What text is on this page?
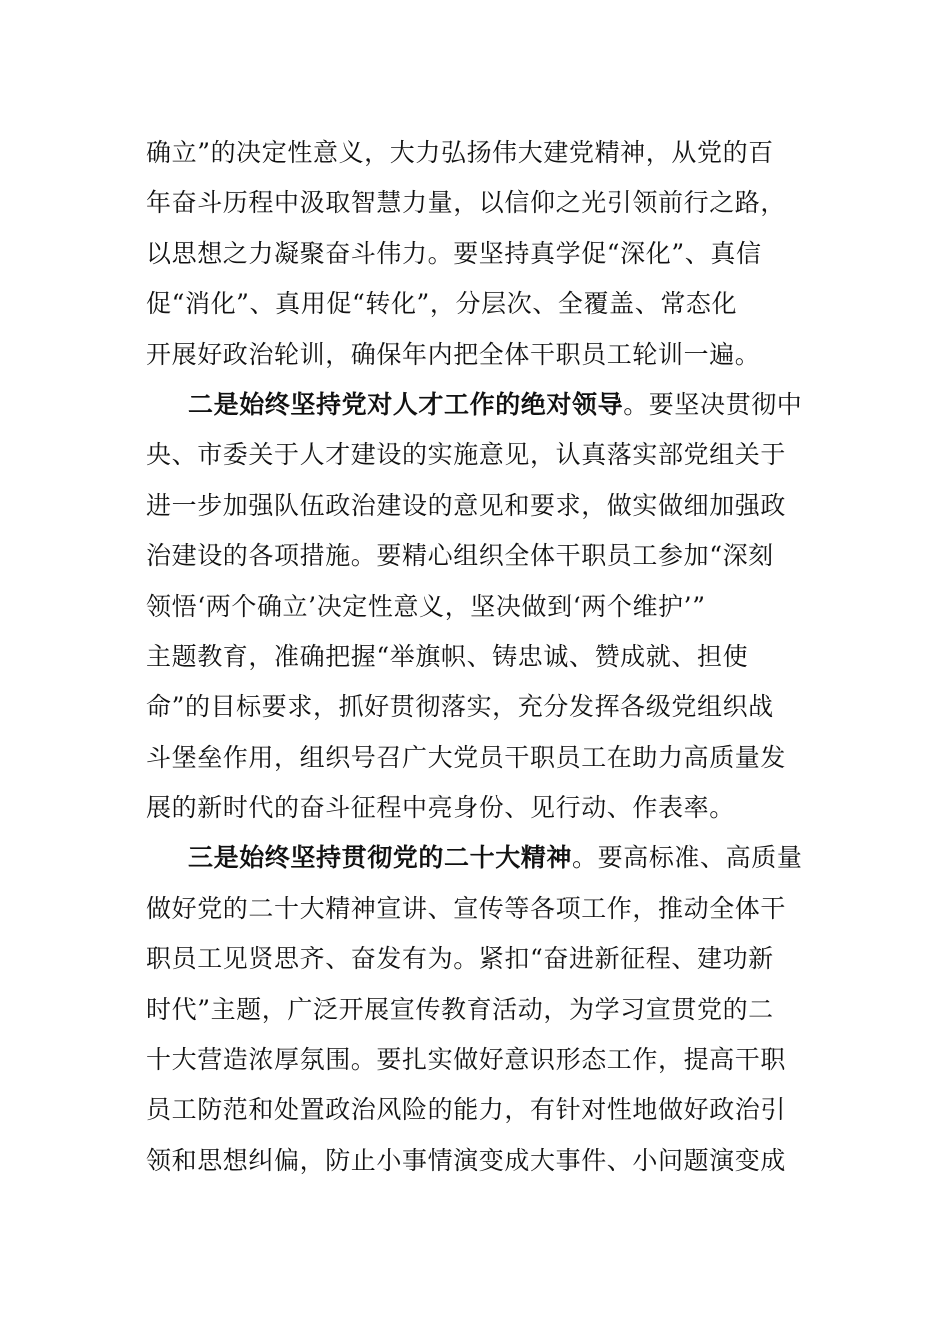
确立”的决定性意义，大力弘扬伟大建党精神，从党的百
年奋斗历程中汲取智慧力量，以信仰之光引领前行之路，
以思想之力凝聚奋斗伟力。要坚持真学促“深化”、真信
促“消化”、真用促“转化”，分层次、全覆盖、常态化
开展好政治轮训，确保年内把全体干职员工轮训一遍。
二是始终坚持党对人才工作的绝对领导。要坚决贯彻中
央、市委关于人才建设的实施意见，认真落实部党组关于
进一步加强队伍政治建设的意见和要求，做实做细加强政
治建设的各项措施。要精心组织全体干职员工参加“深刻
领悟‘两个确立’决定性意义，坚决做到‘两个维护’”
主题教育，准确把握“举旗帜、铸忠诚、赞成就、担使
命”的目标要求，抓好贯彻落实，充分发挥各级党组织战
斗堡垒作用，组织号召广大党员干职员工在助力高质量发
展的新时代的奋斗征程中亮身份、见行动、作表率。
三是始终坚持贯彻党的二十大精神。要高标准、高质量
做好党的二十大精神宣讲、宣传等各项工作，推动全体干
职员工见贤思齐、奋发有为。紧扣“奋进新征程、建功新
时代”主题，广泛开展宣传教育活动，为学习宣贯党的二
十大营造浓厚氛围。要扎实做好意识形态工作，提高干职
员工防范和处置政治风险的能力，有针对性地做好政治引
领和思想纠偏，防止小事情演变成大事件、小问题演变成
